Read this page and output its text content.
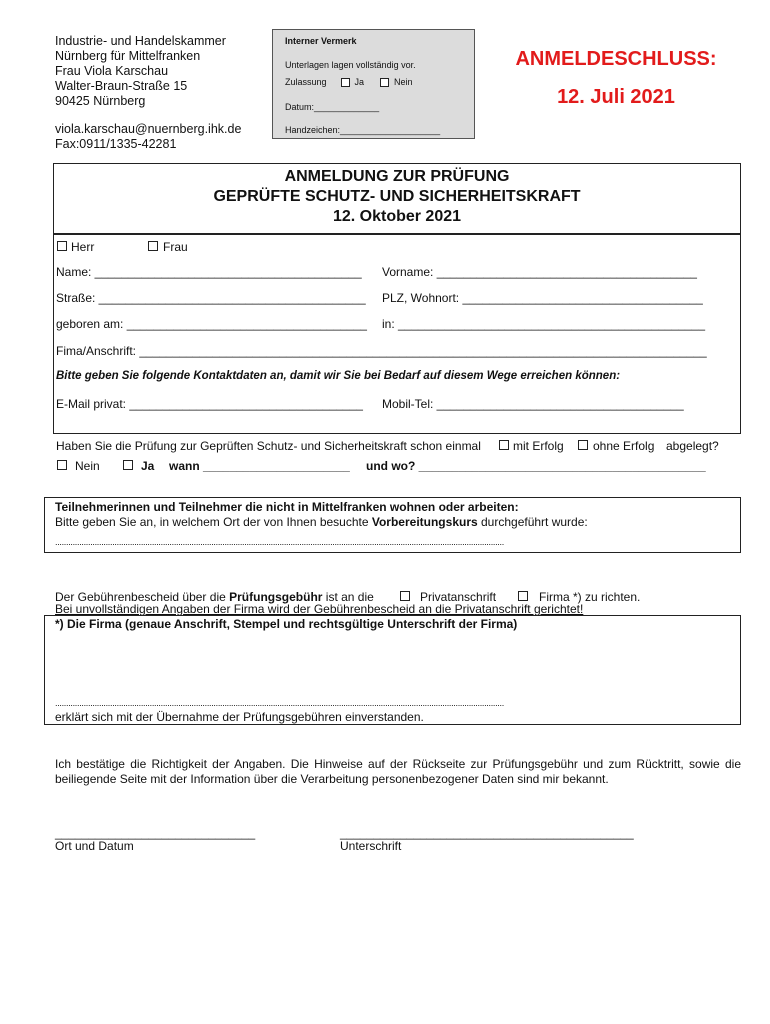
Industrie- und Handelskammer
Nürnberg für Mittelfranken
Frau Viola Karschau
Walter-Braun-Straße 15
90425 Nürnberg
viola.karschau@nuernberg.ihk.de
Fax:0911/1335-42281
Interner Vermerk
Unterlagen lagen vollständig vor.
Zulassung	Ja	Nein
Datum:_____________
Handzeichen:____________________
ANMELDESCHLUSS:
12. Juli 2021
ANMELDUNG ZUR PRÜFUNG
GEPRÜFTE SCHUTZ- UND SICHERHEITSKRAFT
12. Oktober 2021
Herr	Frau
Name: ________________________________________ Vorname: _______________________________________
Straße: ________________________________________ PLZ, Wohnort: ____________________________________
geboren am: ____________________________________ in: ______________________________________________
Fima/Anschrift: _____________________________________________________________________________________
Bitte geben Sie folgende Kontaktdaten an, damit wir Sie bei Bedarf auf diesem Wege erreichen können:
E-Mail privat: ___________________________________ Mobil-Tel: _____________________________________
Haben Sie die Prüfung zur Geprüften Schutz- und Sicherheitskraft schon einmal	mit Erfolg ohne Erfolg abgelegt?
Nein	Ja wann ______________________ und wo? ___________________________________________
Teilnehmerinnen und Teilnehmer die nicht in Mittelfranken wohnen oder arbeiten:
Bitte geben Sie an, in welchem Ort der von Ihnen besuchte Vorbereitungskurs durchgeführt wurde:
............................................................................................................................................................................................................
Der Gebührenbescheid über die Prüfungsgebühr ist an die	Privatanschrift	Firma *) zu richten.
Bei unvollständigen Angaben der Firma wird der Gebührenbescheid an die Privatanschrift gerichtet!
*) Die Firma (genaue Anschrift, Stempel und rechtsgültige Unterschrift der Firma)
............................................................................................................................................................................................................
erklärt sich mit der Übernahme der Prüfungsgebühren einverstanden.
Ich bestätige die Richtigkeit der Angaben. Die Hinweise auf der Rückseite zur Prüfungsgebühr und zum Rücktritt, sowie die beiliegende Seite mit der Information über die Verarbeitung personenbezogener Daten sind mir bekannt.
______________________________
Ort und Datum
____________________________________________
Unterschrift
